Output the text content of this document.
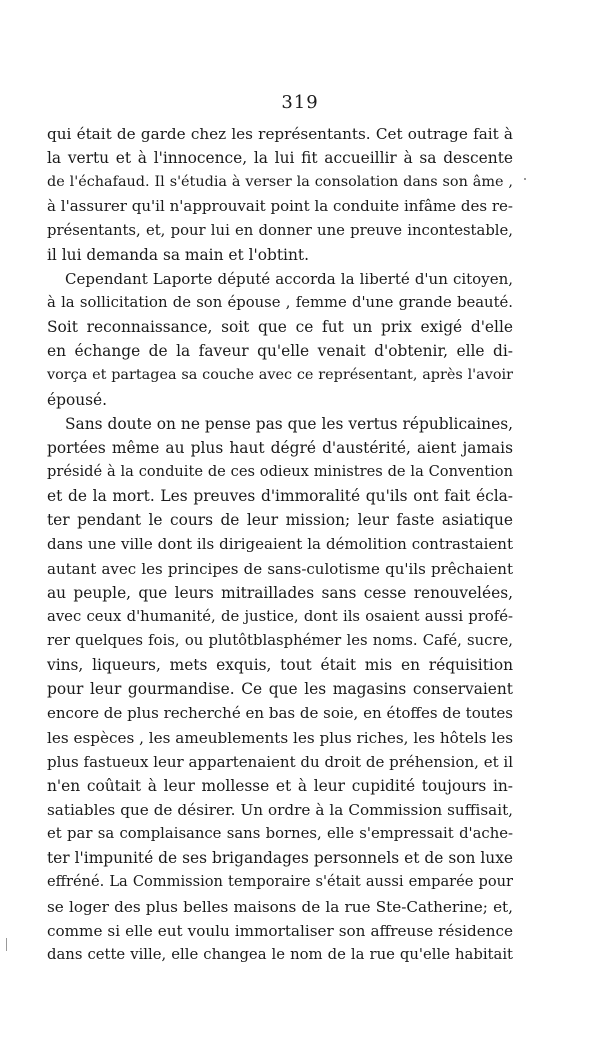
319
qui était de garde chez les représentants. Cet outrage fait à
la vertu et à l'innocence, la lui fit accueillir à sa descente
de l'échafaud. Il s'étudia à verser la consolation dans son âme ,
à l'assurer qu'il n'approuvait point la conduite infâme des re-
présentants, et, pour lui en donner une preuve incontestable,
il lui demanda sa main et l'obtint.
Cependant Laporte député accorda la liberté d'un citoyen,
à la sollicitation de son épouse , femme d'une grande beauté.
Soit reconnaissance, soit que ce fut un prix exigé d'elle
en échange de la faveur qu'elle venait d'obtenir, elle di-
vorça et partagea sa couche avec ce représentant, après l'avoir
épousé.
Sans doute on ne pense pas que les vertus républicaines,
portées même au plus haut dégré d'austérité, aient jamais
présidé à la conduite de ces odieux ministres de la Convention
et de la mort. Les preuves d'immoralité qu'ils ont fait écla-
ter pendant le cours de leur mission; leur faste asiatique
dans une ville dont ils dirigeaient la démolition contrastaient
autant avec les principes de sans-culotisme qu'ils prêchaient
au peuple, que leurs mitraillades sans cesse renouvelées,
avec ceux d'humanité, de justice, dont ils osaient aussi profé-
rer quelques fois, ou plutôtblasphémer les noms. Café, sucre,
vins, liqueurs, mets exquis, tout était mis en réquisition
pour leur gourmandise. Ce que les magasins conservaient
encore de plus recherché en bas de soie, en étoffes de toutes
les espèces , les ameublements les plus riches, les hôtels les
plus fastueux leur appartenaient du droit de préhension, et il
n'en coûtait à leur mollesse et à leur cupidité toujours in-
satiables que de désirer. Un ordre à la Commission suffisait,
et par sa complaisance sans bornes, elle s'empressait d'ache-
ter l'impunité de ses brigandages personnels et de son luxe
effréné. La Commission temporaire s'était aussi emparée pour
se loger des plus belles maisons de la rue Ste-Catherine; et,
comme si elle eut voulu immortaliser son affreuse résidence
dans cette ville, elle changea le nom de la rue qu'elle habitait
